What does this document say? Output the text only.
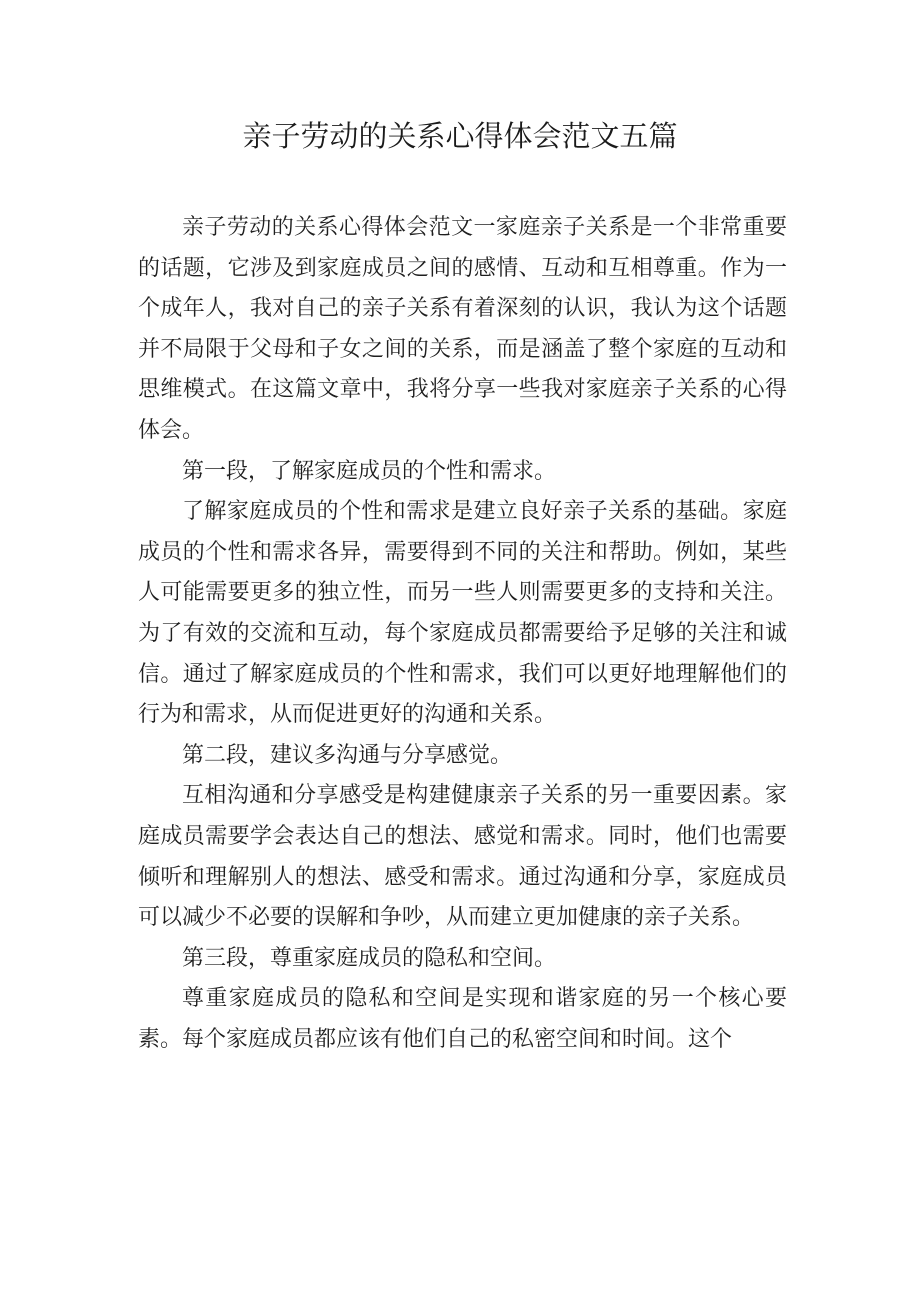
亲子劳动的关系心得体会范文五篇

亲子劳动的关系心得体会范文一家庭亲子关系是一个非常重要的话题，它涉及到家庭成员之间的感情、互动和互相尊重。作为一个成年人，我对自己的亲子关系有着深刻的认识，我认为这个话题并不局限于父母和子女之间的关系，而是涵盖了整个家庭的互动和思维模式。在这篇文章中，我将分享一些我对家庭亲子关系的心得体会。

第一段，了解家庭成员的个性和需求。

了解家庭成员的个性和需求是建立良好亲子关系的基础。家庭成员的个性和需求各异，需要得到不同的关注和帮助。例如，某些人可能需要更多的独立性，而另一些人则需要更多的支持和关注。为了有效的交流和互动，每个家庭成员都需要给予足够的关注和诚信。通过了解家庭成员的个性和需求，我们可以更好地理解他们的行为和需求，从而促进更好的沟通和关系。

第二段，建议多沟通与分享感觉。

互相沟通和分享感受是构建健康亲子关系的另一重要因素。家庭成员需要学会表达自己的想法、感觉和需求。同时，他们也需要倾听和理解别人的想法、感受和需求。通过沟通和分享，家庭成员可以减少不必要的误解和争吵，从而建立更加健康的亲子关系。

第三段，尊重家庭成员的隐私和空间。

尊重家庭成员的隐私和空间是实现和谐家庭的另一个核心要素。每个家庭成员都应该有他们自己的私密空间和时间。这个
